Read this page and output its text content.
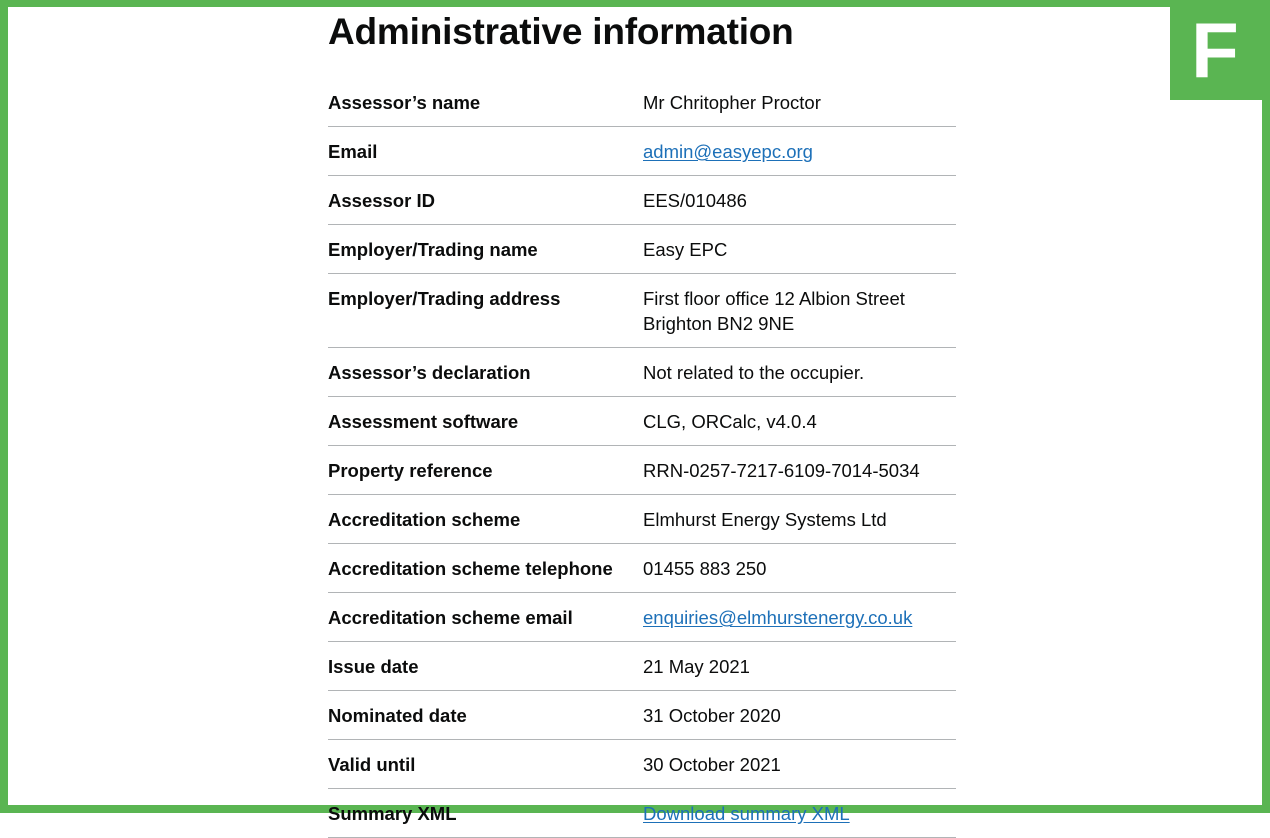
F
Administrative information
Assessor’s name	Mr Chritopher Proctor
Email	admin@easyepc.org
Assessor ID	EES/010486
Employer/Trading name	Easy EPC
Employer/Trading address	First floor office 12 Albion Street
Brighton BN2 9NE
Assessor’s declaration	Not related to the occupier.
Assessment software	CLG, ORCalc, v4.0.4
Property reference	RRN-0257-7217-6109-7014-5034
Accreditation scheme	Elmhurst Energy Systems Ltd
Accreditation scheme telephone	01455 883 250
Accreditation scheme email	enquiries@elmhurstenergy.co.uk
Issue date	21 May 2021
Nominated date	31 October 2020
Valid until	30 October 2021
Summary XML	Download summary XML
